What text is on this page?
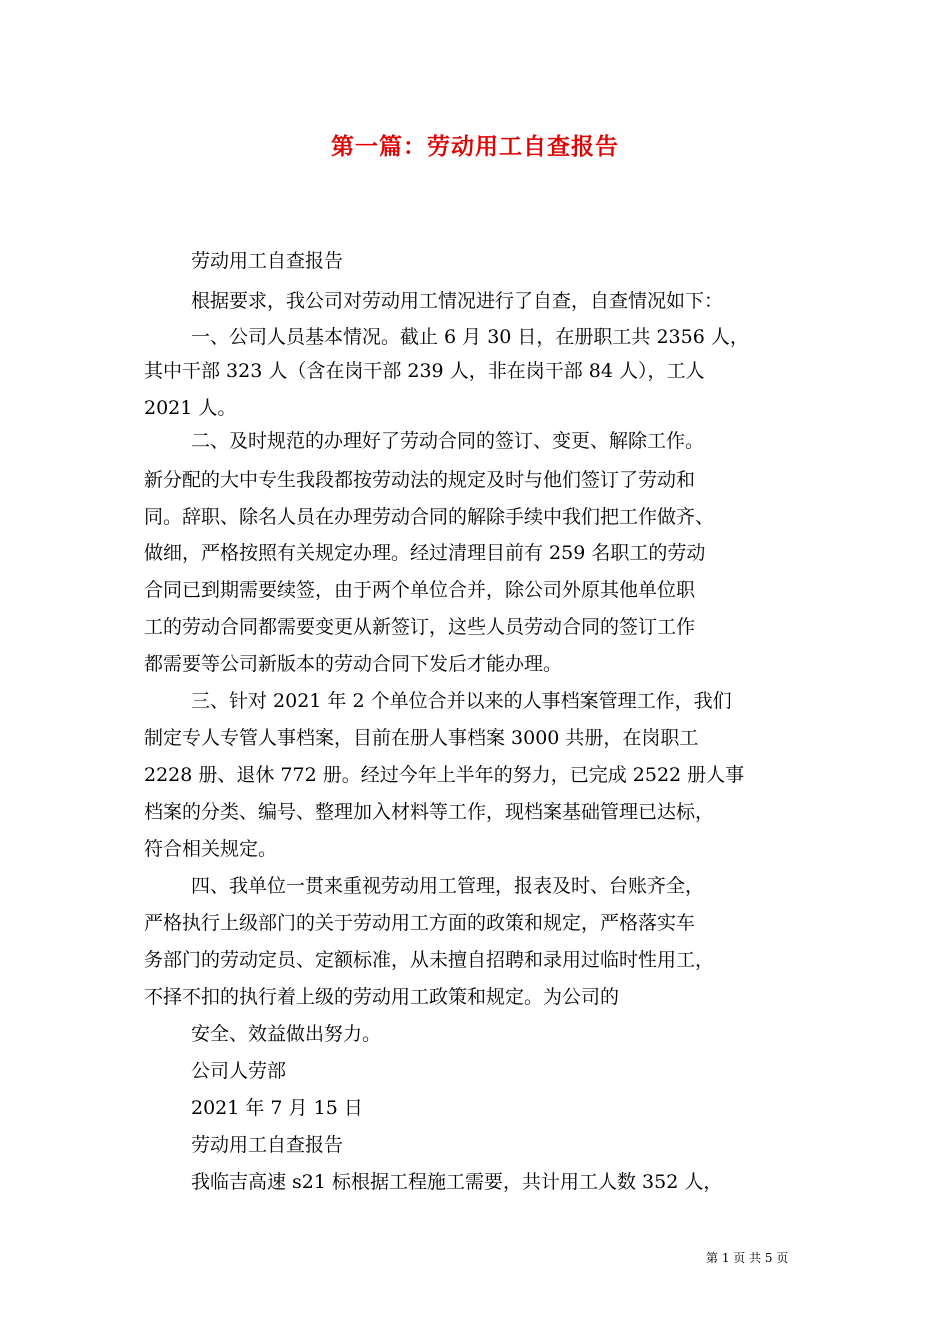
第一篇：劳动用工自查报告
劳动用工自查报告
根据要求，我公司对劳动用工情况进行了自查，自查情况如下：
一、公司人员基本情况。截止 6 月 30 日，在册职工共 2356 人，
其中干部 323 人（含在岗干部 239 人，非在岗干部 84 人），工人
2021 人。
二、及时规范的办理好了劳动合同的签订、变更、解除工作。
新分配的大中专生我段都按劳动法的规定及时与他们签订了劳动和
同。辞职、除名人员在办理劳动合同的解除手续中我们把工作做齐、
做细，严格按照有关规定办理。经过清理目前有 259 名职工的劳动
合同已到期需要续签，由于两个单位合并，除公司外原其他单位职
工的劳动合同都需要变更从新签订，这些人员劳动合同的签订工作
都需要等公司新版本的劳动合同下发后才能办理。
三、针对 2021 年 2 个单位合并以来的人事档案管理工作，我们
制定专人专管人事档案，目前在册人事档案 3000 共册，在岗职工
2228 册、退休 772 册。经过今年上半年的努力，已完成 2522 册人事
档案的分类、编号、整理加入材料等工作，现档案基础管理已达标，
符合相关规定。
四、我单位一贯来重视劳动用工管理，报表及时、台账齐全，
严格执行上级部门的关于劳动用工方面的政策和规定，严格落实车
务部门的劳动定员、定额标准，从未擅自招聘和录用过临时性用工，
不择不扣的执行着上级的劳动用工政策和规定。为公司的
安全、效益做出努力。
公司人劳部
2021 年 7 月 15 日
劳动用工自查报告
我临吉高速 s21 标根据工程施工需要，共计用工人数 352 人，
第 1 页 共 5 页
